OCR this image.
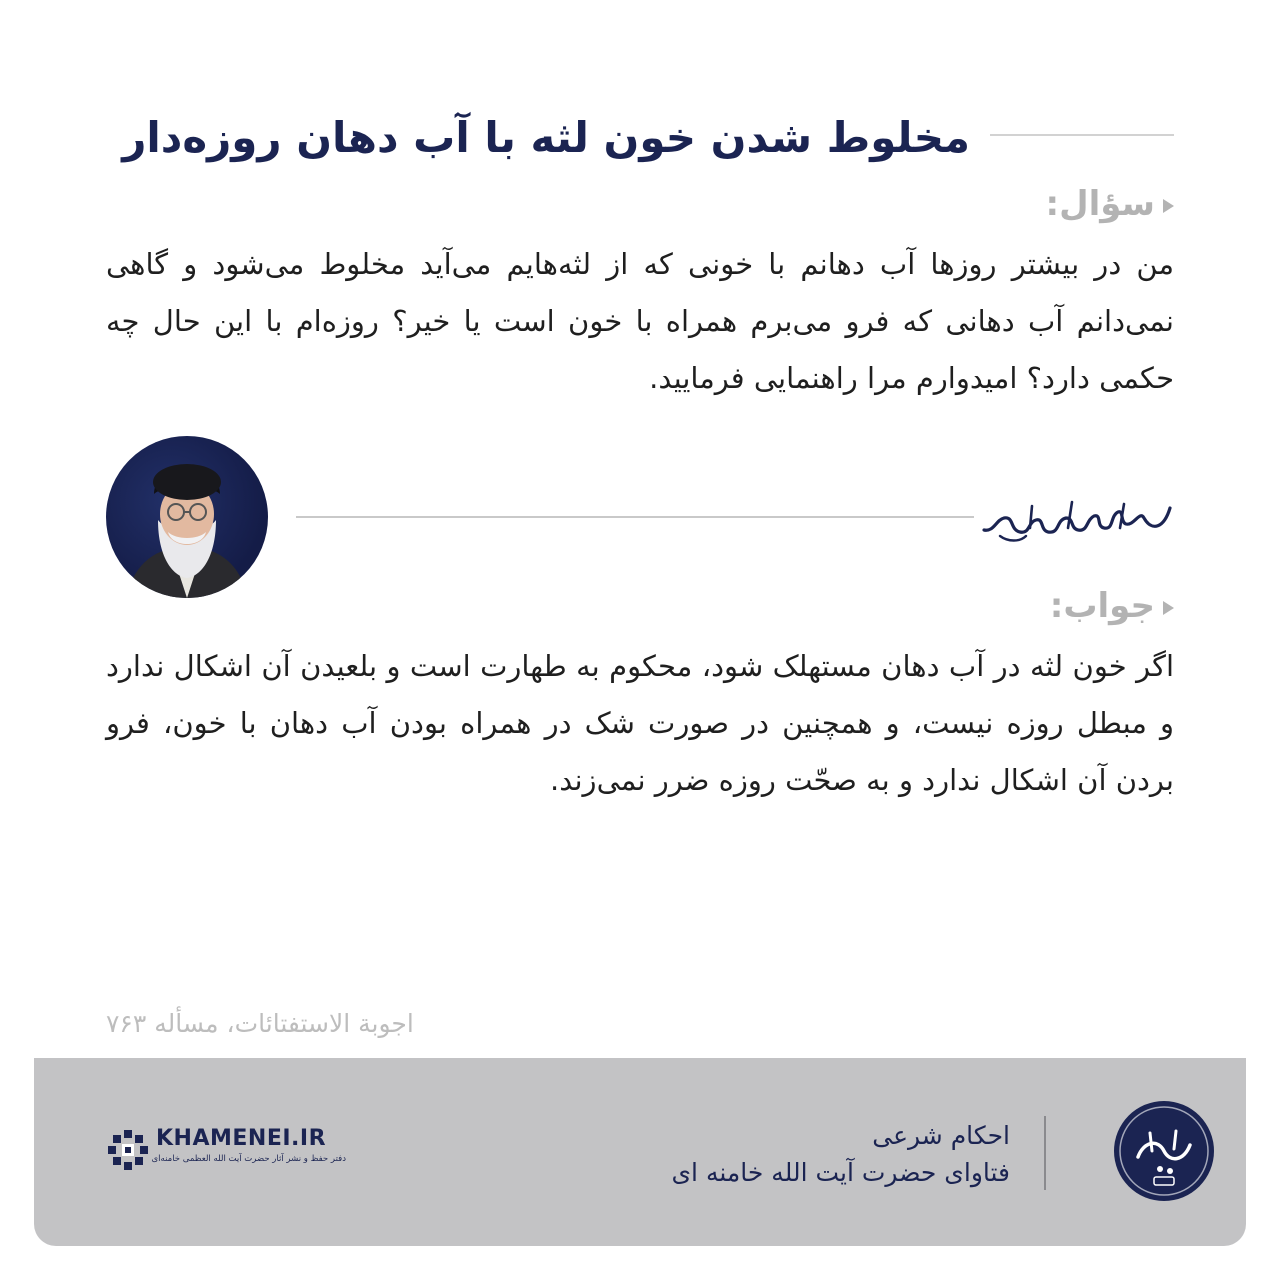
مخلوط شدن خون لثه با آب دهان روزه‌دار
سؤال:
من در بیشتر روزها آب دهانم با خونی که از لثه‌هایم می‌آید مخلوط می‌شود و گاهی نمی‌دانم آب دهانی که فرو می‌برم همراه با خون است یا خیر؟ روزه‌ام با این حال چه حکمی دارد؟ امیدوارم مرا راهنمایی فرمایید.
جواب:
اگر خون لثه در آب دهان مستهلک شود، محکوم به طهارت است و بلعیدن آن اشکال ندارد و مبطل روزه نیست، و همچنین در صورت شک در همراه بودن آب دهان با خون، فرو بردن آن اشکال ندارد و به صحّت روزه ضرر نمی‌زند.
اجوبة الاستفتائات، مسأله ۷۶۳
احکام شرعی
فتاوای حضرت آیت الله خامنه ای
KHAMENEI.IR
دفتر حفظ و نشر آثار حضرت آیت الله العظمی خامنه‌ای
